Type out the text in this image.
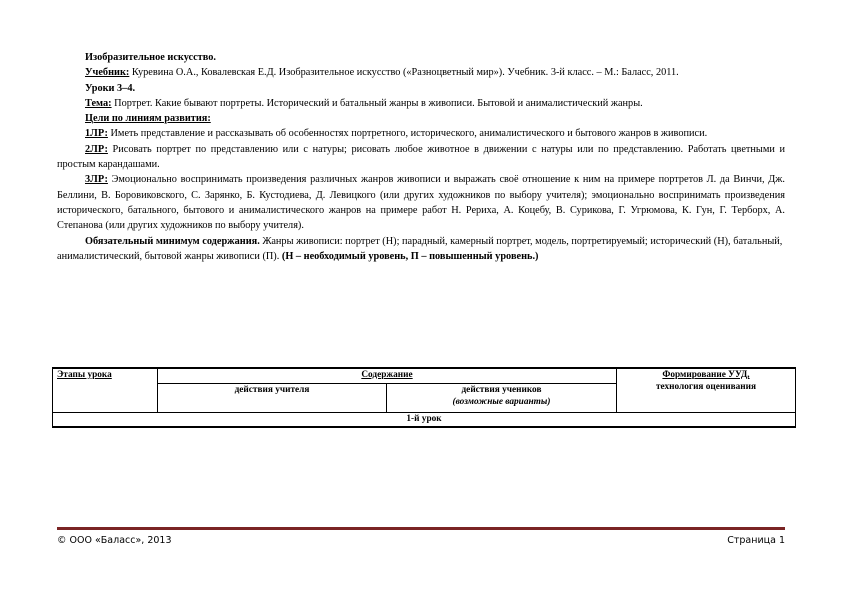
Изобразительное искусство.

Учебник: Куревина О.А., Ковалевская Е.Д. Изобразительное искусство («Разноцветный мир»). Учебник. 3-й класс. – М.: Баласс, 2011.

Уроки 3–4.

Тема: Портрет. Какие бывают портреты. Исторический и батальный жанры в живописи. Бытовой и анималистический жанры.

Цели по линиям развития:

1ЛР: Иметь представление и рассказывать об особенностях портретного, исторического, анималистического и бытового жанров в живописи.

2ЛР: Рисовать портрет по представлению или с натуры; рисовать любое животное в движении с натуры или по представлению. Работать цветными и простым карандашами.

3ЛР: Эмоционально воспринимать произведения различных жанров живописи и выражать своё отношение к ним на примере портретов Л. да Винчи, Дж. Беллини, В. Боровиковского, С. Зарянко, Б. Кустодиева, Д. Левицкого (или других художников по выбору учителя); эмоционально воспринимать произведения исторического, батального, бытового и анималистического жанров на примере работ Н. Рериха, А. Коцебу, В. Сурикова, Г. Угрюмова, К. Гун, Г. Терборх, А. Степанова (или других художников по выбору учителя).

Обязательный минимум содержания. Жанры живописи: портрет (Н); парадный, камерный портрет, модель, портретируемый; исторический (Н), батальный, анималистический, бытовой жанры живописи (П). (Н – необходимый уровень, П – повышенный уровень.)

Этапы урока	Содержание		Формирование УУД,
технология оценивания
	действия учителя	действия учеников
(возможные варианты)	
1-й урок			
© ООО «Баласс», 2013	Страница 1
